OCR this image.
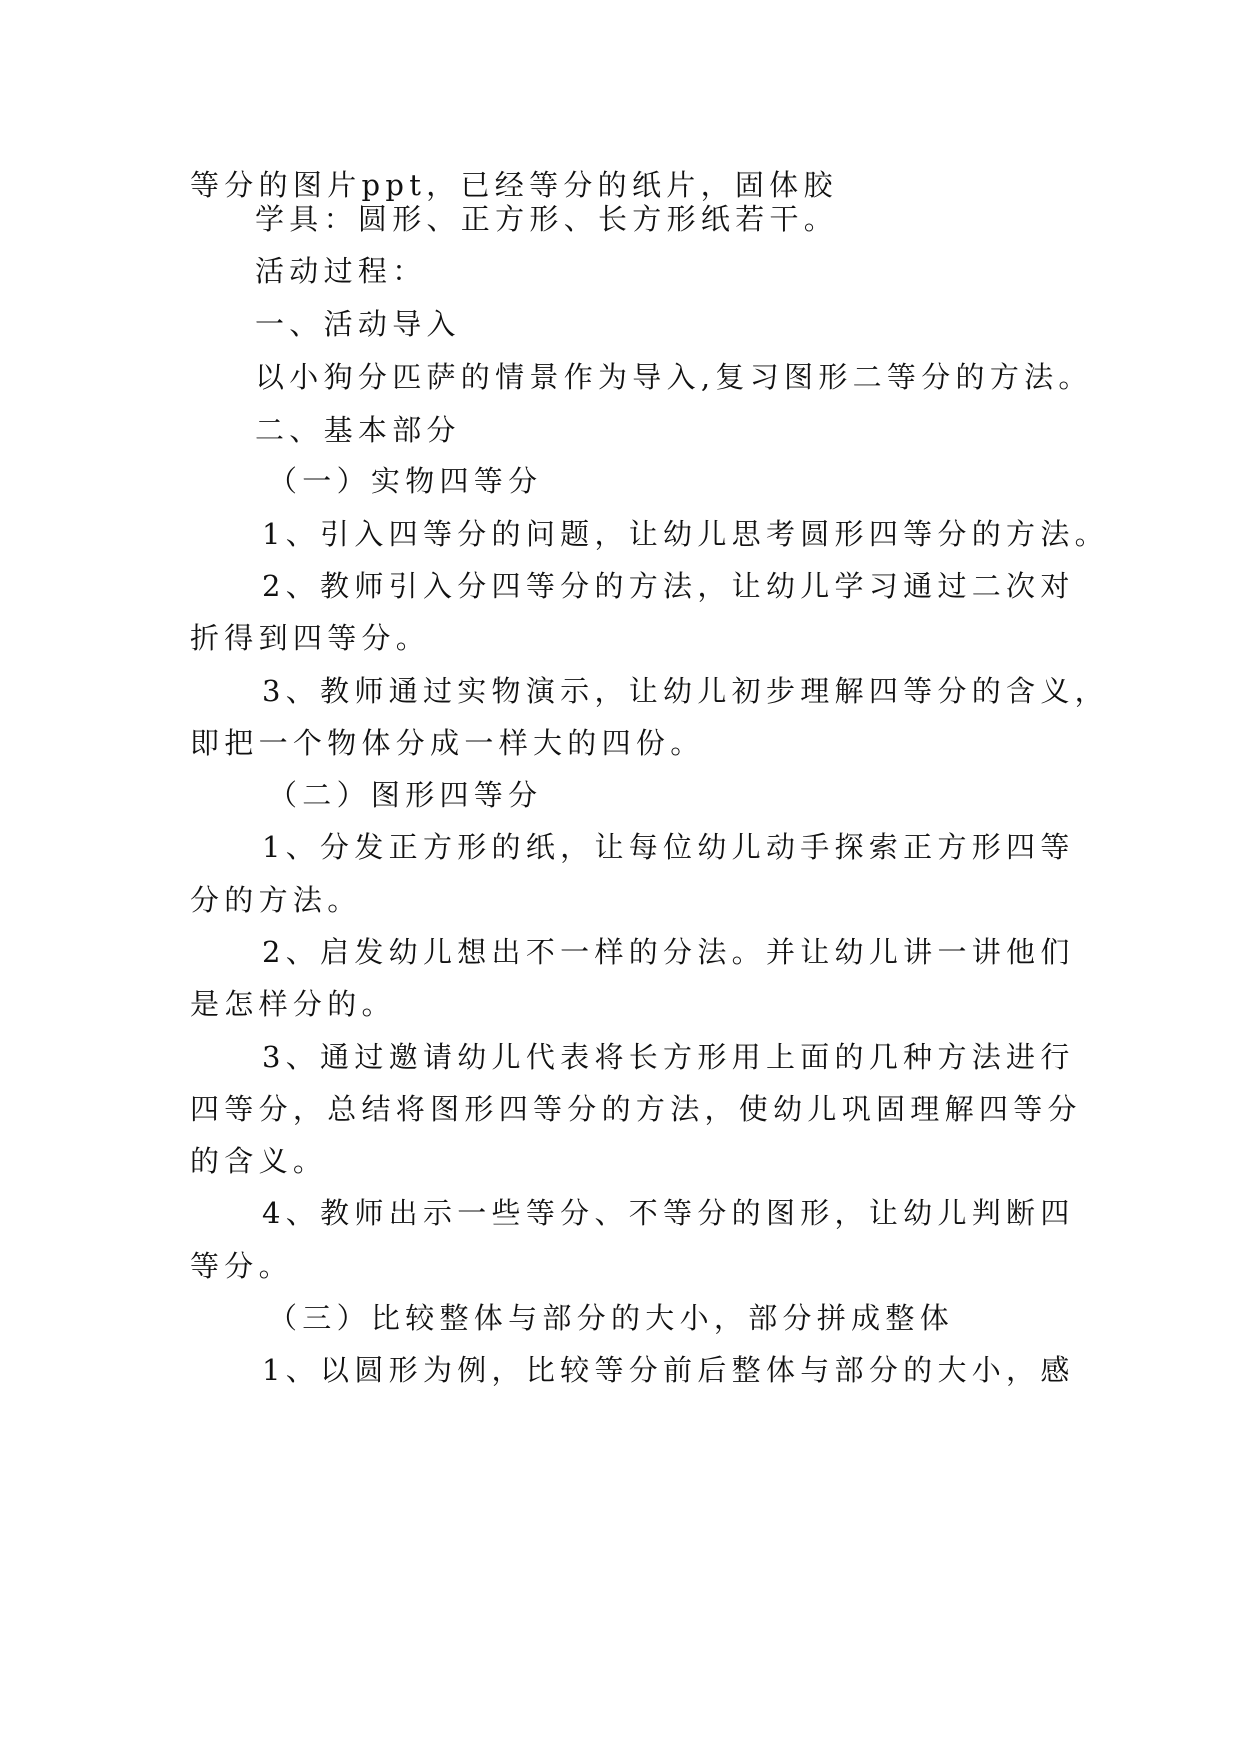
等分的图片ppt，已经等分的纸片，固体胶
学具：圆形、正方形、长方形纸若干。
活动过程：
一、活动导入
以小狗分匹萨的情景作为导入,复习图形二等分的方法。
二、基本部分
（一）实物四等分
1、引入四等分的问题，让幼儿思考圆形四等分的方法。
2、教师引入分四等分的方法，让幼儿学习通过二次对
折得到四等分。
3、教师通过实物演示，让幼儿初步理解四等分的含义，
即把一个物体分成一样大的四份。
（二）图形四等分
1、分发正方形的纸，让每位幼儿动手探索正方形四等
分的方法。
2、启发幼儿想出不一样的分法。并让幼儿讲一讲他们
是怎样分的。
3、通过邀请幼儿代表将长方形用上面的几种方法进行
四等分，总结将图形四等分的方法，使幼儿巩固理解四等分
的含义。
4、教师出示一些等分、不等分的图形，让幼儿判断四
等分。
（三）比较整体与部分的大小，部分拼成整体
1、以圆形为例，比较等分前后整体与部分的大小，感
